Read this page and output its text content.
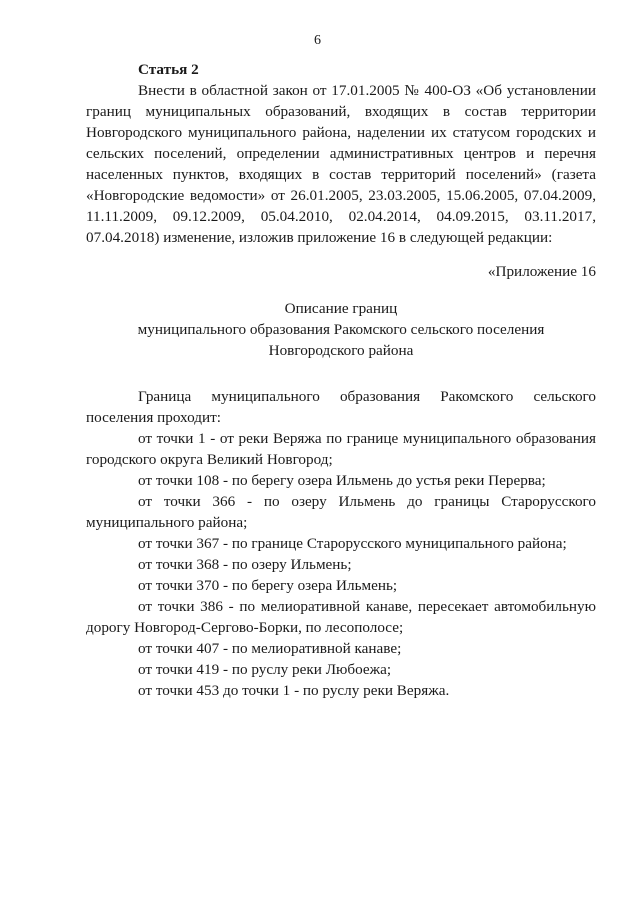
6

Статья 2

Внести в областной закон от 17.01.2005 № 400-ОЗ «Об установлении границ муниципальных образований, входящих в состав территории Новгородского муниципального района, наделении их статусом городских и сельских поселений, определении административных центров и перечня населенных пунктов, входящих в состав территорий поселений» (газета «Новгородские ведомости» от 26.01.2005, 23.03.2005, 15.06.2005, 07.04.2009, 11.11.2009, 09.12.2009, 05.04.2010, 02.04.2014, 04.09.2015, 03.11.2017, 07.04.2018) изменение, изложив приложение 16 в следующей редакции:

«Приложение 16

Описание границ
муниципального образования Ракомского сельского поселения
Новгородского района

Граница муниципального образования Ракомского сельского поселения проходит:

от точки 1 - от реки Веряжа по границе муниципального образования городского округа Великий Новгород;

от точки 108 - по берегу озера Ильмень до устья реки Перерва;

от точки 366 - по озеру Ильмень до границы Старорусского муниципального района;

от точки 367 - по границе Старорусского муниципального района;

от точки 368 - по озеру Ильмень;

от точки 370 - по берегу озера Ильмень;

от точки 386 - по мелиоративной канаве, пересекает автомобильную дорогу Новгород-Сергово-Борки, по лесополосе;

от точки 407 - по мелиоративной канаве;

от точки 419 - по руслу реки Любоежа;

от точки 453 до точки 1 - по руслу реки Веряжа.
